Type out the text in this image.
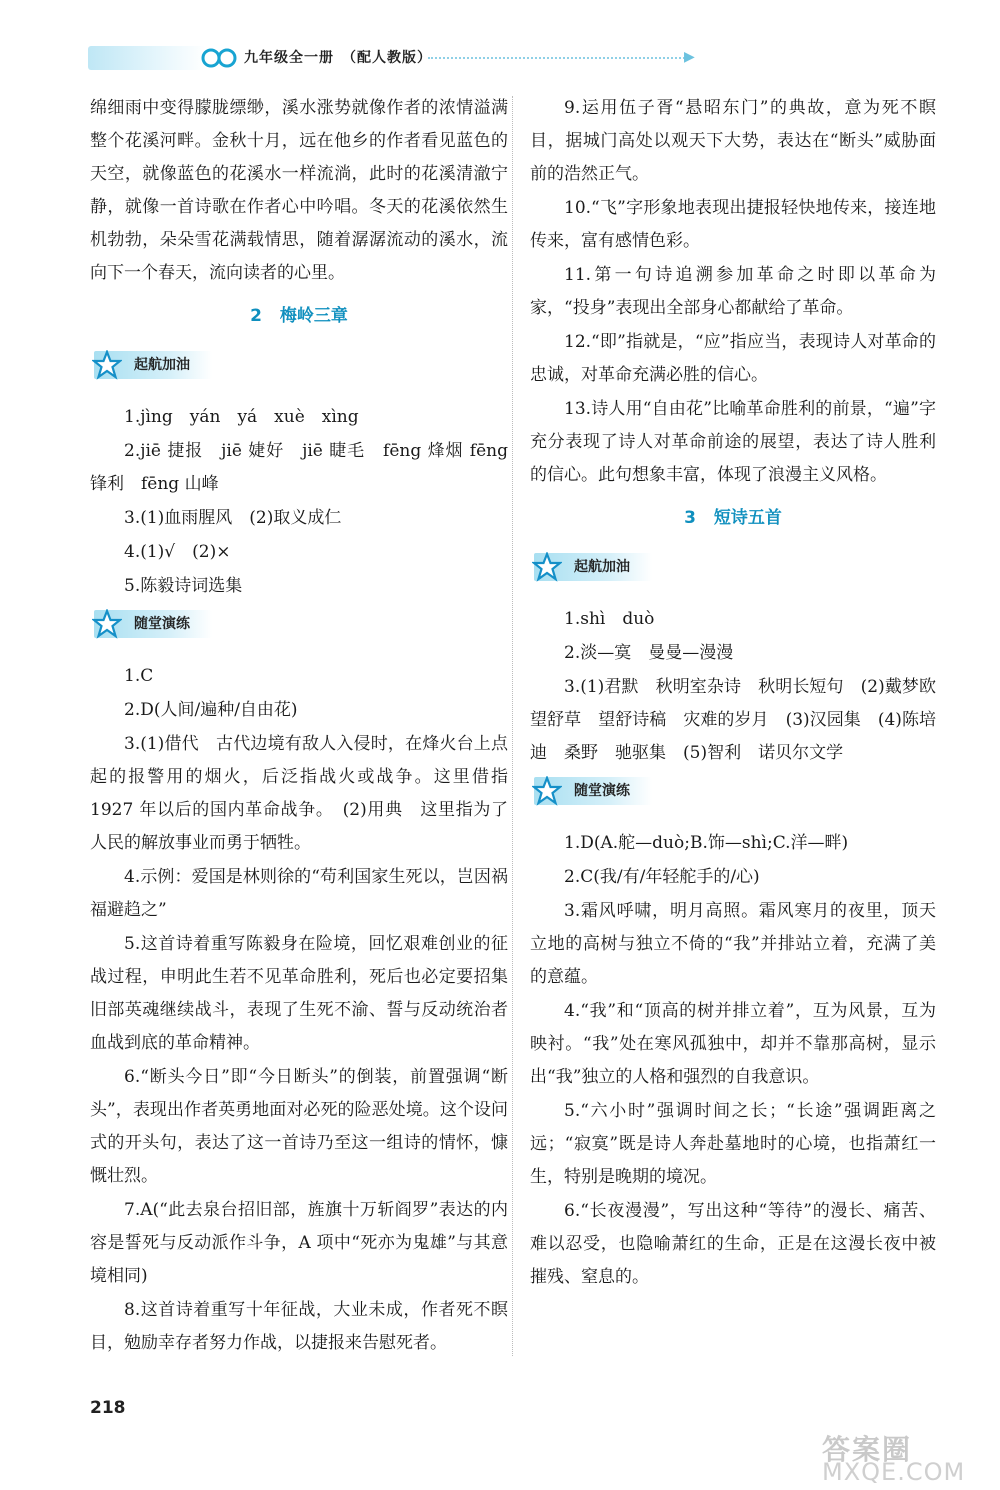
九年级全一册　（配人教版）	▶

绵细雨中变得朦胧缥缈，溪水涨势就像作者的浓情溢满整个花溪河畔。金秋十月，远在他乡的作者看见蓝色的天空，就像蓝色的花溪水一样流淌，此时的花溪清澈宁静，就像一首诗歌在作者心中吟唱。冬天的花溪依然生机勃勃，朵朵雪花满载情思，随着潺潺流动的溪水，流向下一个春天，流向读者的心里。

2 梅岭三章
起航加油

1.jìng　yán　yá　xuè　xìng

2.jiē 捷报　jiē 婕好　jiē 睫毛　fēng 烽烟 fēng 锋利　fēng 山峰

3.(1)血雨腥风　(2)取义成仁

4.(1)√　(2)×

5.陈毅诗词选集

随堂演练

1.C

2.D(人间/遍种/自由花)

3.(1)借代　古代边境有敌人入侵时，在烽火台上点起的报警用的烟火，后泛指战火或战争。这里借指 1927 年以后的国内革命战争。　(2)用典　这里指为了人民的解放事业而勇于牺牲。

4.示例：爱国是林则徐的“苟利国家生死以，岂因祸福避趋之”

5.这首诗着重写陈毅身在险境，回忆艰难创业的征战过程，申明此生若不见革命胜利，死后也必定要招集旧部英魂继续战斗，表现了生死不渝、誓与反动统治者血战到底的革命精神。

6.“断头今日”即“今日断头”的倒装，前置强调“断头”，表现出作者英勇地面对必死的险恶处境。这个设问式的开头句，表达了这一首诗乃至这一组诗的情怀，慷慨壮烈。

7.A(“此去泉台招旧部，旌旗十万斩阎罗”表达的内容是誓死与反动派作斗争，A 项中“死亦为鬼雄”与其意境相同)

8.这首诗着重写十年征战，大业未成，作者死不瞑目，勉励幸存者努力作战，以捷报来告慰死者。

9.运用伍子胥“悬昭东门”的典故，意为死不瞑目，据城门高处以观天下大势，表达在“断头”威胁面前的浩然正气。

10.“飞”字形象地表现出捷报轻快地传来，接连地传来，富有感情色彩。

11.第一句诗追溯参加革命之时即以革命为家，“投身”表现出全部身心都献给了革命。

12.“即”指就是，“应”指应当，表现诗人对革命的忠诚，对革命充满必胜的信心。

13.诗人用“自由花”比喻革命胜利的前景，“遍”字充分表现了诗人对革命前途的展望，表达了诗人胜利的信心。此句想象丰富，体现了浪漫主义风格。

3 短诗五首
起航加油

1.shì　duò

2.淡—寞　曼曼—漫漫

3.(1)君默　秋明室杂诗　秋明长短句　(2)戴梦欧　望舒草　望舒诗稿　灾难的岁月　(3)汉园集　(4)陈培迪　桑野　驰驱集　(5)智利　诺贝尔文学

随堂演练

1.D(A.舵—duò;B.饰—shì;C.洋—畔)

2.C(我/有/年轻舵手的/心)

3.霜风呼啸，明月高照。霜风寒月的夜里，顶天立地的高树与独立不倚的“我”并排站立着，充满了美的意蕴。

4.“我”和“顶高的树并排立着”，互为风景，互为映衬。“我”处在寒风孤独中，却并不靠那高树，显示出“我”独立的人格和强烈的自我意识。

5.“六小时”强调时间之长；“长途”强调距离之远；“寂寞”既是诗人奔赴墓地时的心境，也指萧红一生，特别是晚期的境况。

6.“长夜漫漫”，写出这种“等待”的漫长、痛苦、难以忍受，也隐喻萧红的生命，正是在这漫长夜中被摧残、窒息的。

218
答案圈
MXQE.COM
